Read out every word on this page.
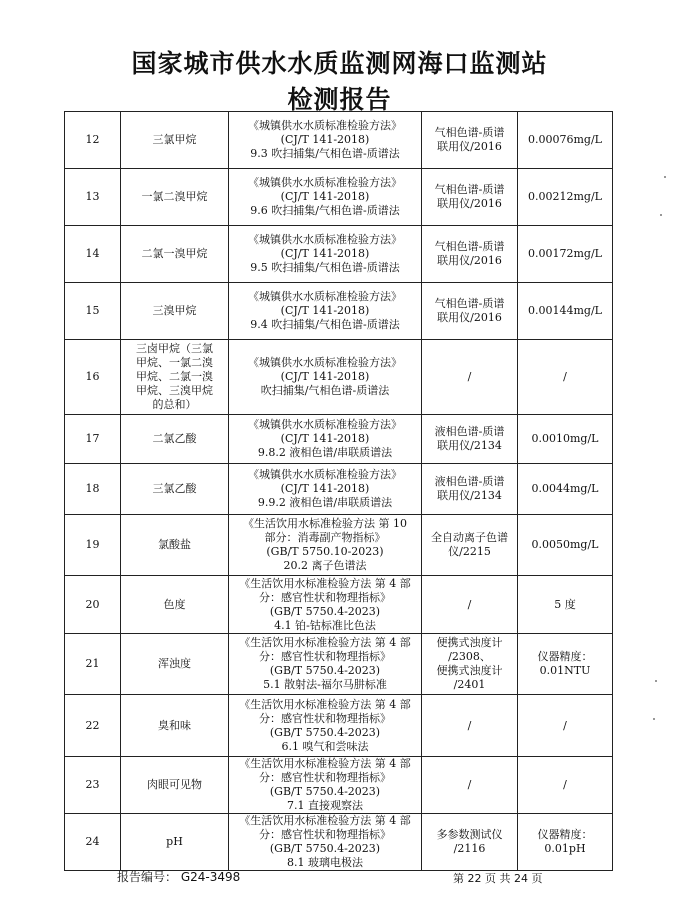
国家城市供水水质监测网海口监测站
检测报告
12	三氯甲烷	《城镇供水水质标准检验方法》
(CJ/T 141-2018)
9.3 吹扫捕集/气相色谱-质谱法	气相色谱-质谱
联用仪/2016	0.00076mg/L
13	一氯二溴甲烷	《城镇供水水质标准检验方法》
(CJ/T 141-2018)
9.6 吹扫捕集/气相色谱-质谱法	气相色谱-质谱
联用仪/2016	0.00212mg/L
14	二氯一溴甲烷	《城镇供水水质标准检验方法》
(CJ/T 141-2018)
9.5 吹扫捕集/气相色谱-质谱法	气相色谱-质谱
联用仪/2016	0.00172mg/L
15	三溴甲烷	《城镇供水水质标准检验方法》
(CJ/T 141-2018)
9.4 吹扫捕集/气相色谱-质谱法	气相色谱-质谱
联用仪/2016	0.00144mg/L
16	三卤甲烷（三氯
甲烷、一氯二溴
甲烷、二氯一溴
甲烷、三溴甲烷
的总和）	《城镇供水水质标准检验方法》
(CJ/T 141-2018)
吹扫捕集/气相色谱-质谱法	/	/
17	二氯乙酸	《城镇供水水质标准检验方法》
(CJ/T 141-2018)
9.8.2 液相色谱/串联质谱法	液相色谱-质谱
联用仪/2134	0.0010mg/L
18	三氯乙酸	《城镇供水水质标准检验方法》
(CJ/T 141-2018)
9.9.2 液相色谱/串联质谱法	液相色谱-质谱
联用仪/2134	0.0044mg/L
19	氯酸盐	《生活饮用水标准检验方法 第 10
部分：消毒副产物指标》
(GB/T 5750.10-2023)
20.2 离子色谱法	全自动离子色谱
仪/2215	0.0050mg/L
20	色度	《生活饮用水标准检验方法 第 4 部
分：感官性状和物理指标》
(GB/T 5750.4-2023)
4.1 铂-钴标准比色法	/	5 度
21	浑浊度	《生活饮用水标准检验方法 第 4 部
分：感官性状和物理指标》
(GB/T 5750.4-2023)
5.1 散射法-福尔马肼标准	便携式浊度计
/2308、
便携式浊度计
/2401	仪器精度：
0.01NTU
22	臭和味	《生活饮用水标准检验方法 第 4 部
分：感官性状和物理指标》
(GB/T 5750.4-2023)
6.1 嗅气和尝味法	/	/
23	肉眼可见物	《生活饮用水标准检验方法 第 4 部
分：感官性状和物理指标》
(GB/T 5750.4-2023)
7.1 直接观察法	/	/
24	pH	《生活饮用水标准检验方法 第 4 部
分：感官性状和物理指标》
(GB/T 5750.4-2023)
8.1 玻璃电极法	多参数测试仪
/2116	仪器精度：
0.01pH
报告编号： G24-3498	第 22 页 共 24 页
